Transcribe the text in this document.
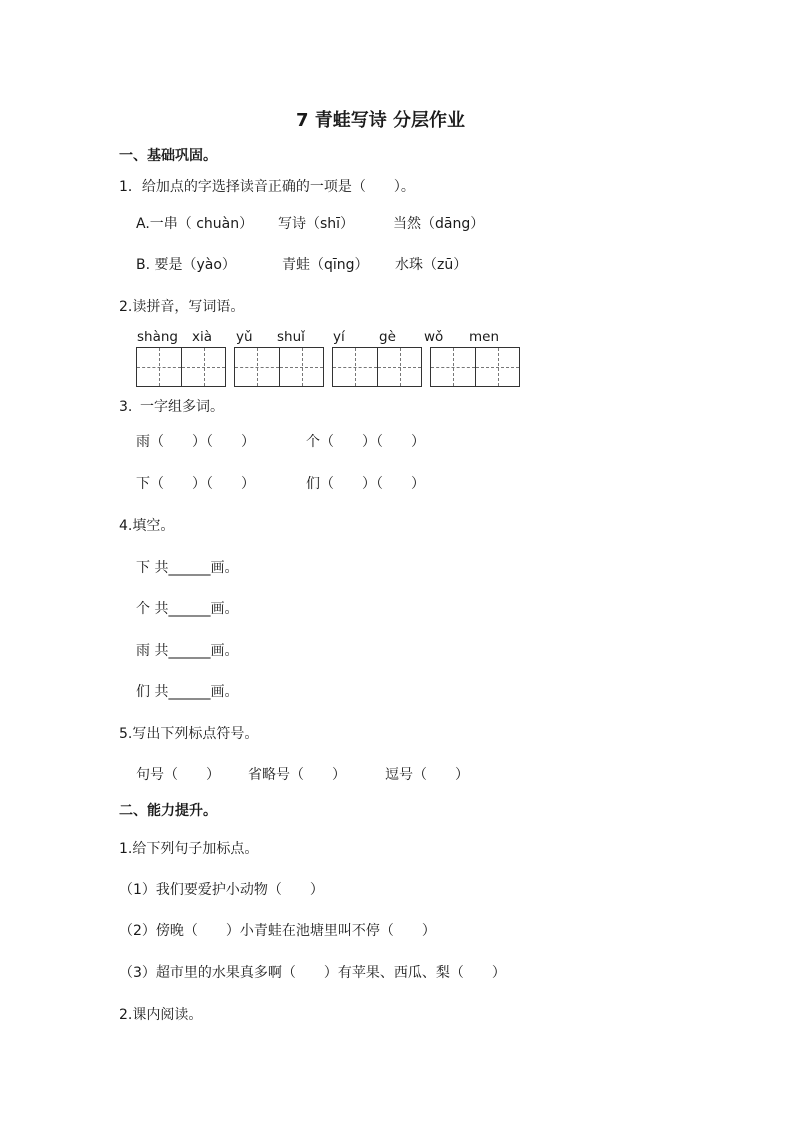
7 青蛙写诗 分层作业
一、基础巩固。
1．给加点的字选择读音正确的一项是（　　）。
A.一串（ chuàn） 写诗（shī）	当然（dāng）
B. 要是（yào）	青蛙（qīng） 水珠（zū）
2.读拼音，写词语。
shàng xià yǔ shuǐ yí	gè wǒ men
3. 一字组多词。
雨（　　）（　　）	个（　　）（　　）
下（　　）（　　）	们（　　）（　　）
4.填空。
下 共______画。
个 共______画。
雨 共______画。
们 共______画。
5.写出下列标点符号。
句号（　　） 省略号（　　）	逗号（　　）
二、能力提升。
1.给下列句子加标点。
（1）我们要爱护小动物（　　）
（2）傍晚（　　）小青蛙在池塘里叫不停（　　）
（3）超市里的水果真多啊（　　）有苹果、西瓜、梨（　　）
2.课内阅读。
